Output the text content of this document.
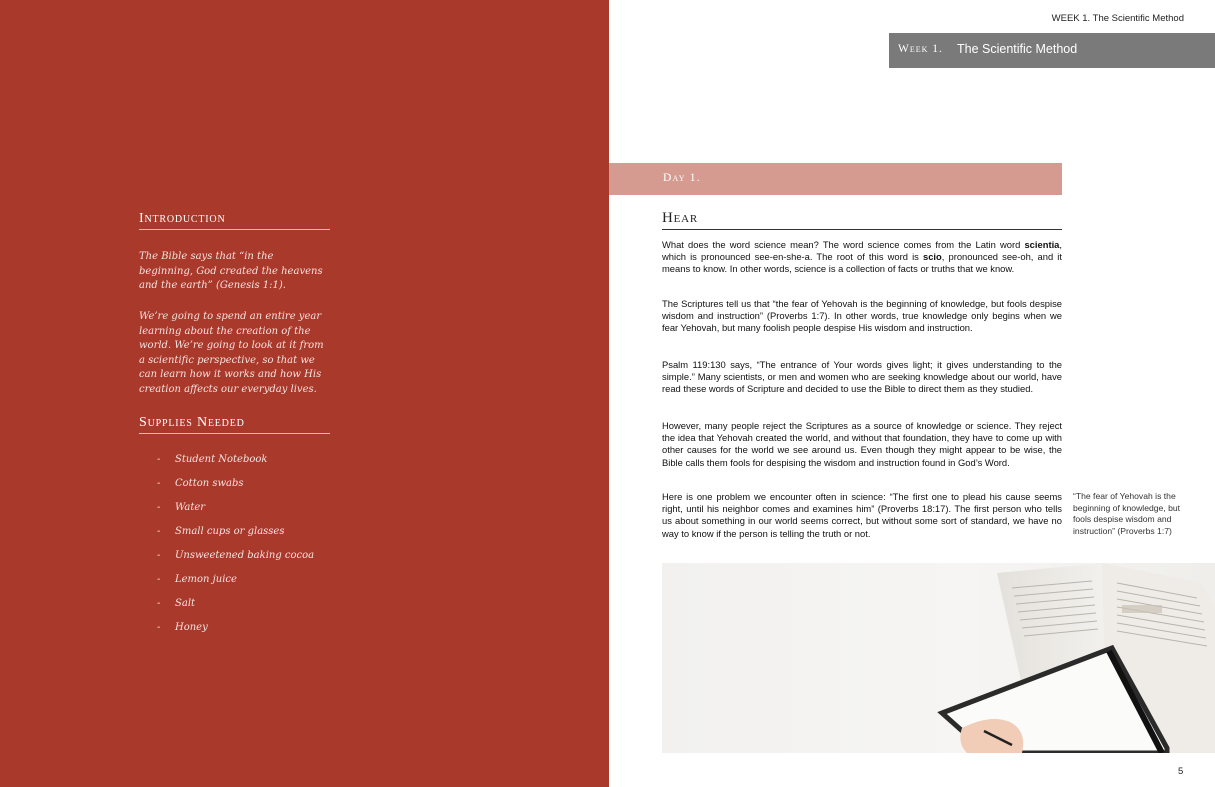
Introduction

The Bible says that “in the beginning, God created the heavens and the earth” (Genesis 1:1).

We’re going to spend an entire year learning about the creation of the world. We’re going to look at it from a scientific perspective, so that we can learn how it works and how His creation affects our everyday lives.

Supplies Needed
- Student Notebook
- Cotton swabs
- Water
- Small cups or glasses
- Unsweetened baking cocoa
- Lemon juice
- Salt
- Honey
WEEK 1. The Scientific Method
Week 1. The Scientific Method
Day 1.
Hear

What does the word science mean? The word science comes from the Latin word scientia, which is pronounced see-en-she-a. The root of this word is scio, pronounced see-oh, and it means to know. In other words, science is a collection of facts or truths that we know.

The Scriptures tell us that “the fear of Yehovah is the beginning of knowledge, but fools despise wisdom and instruction” (Proverbs 1:7). In other words, true knowledge only begins when we fear Yehovah, but many foolish people despise His wisdom and instruction.

Psalm 119:130 says, “The entrance of Your words gives light; it gives understanding to the simple.” Many scientists, or men and women who are seeking knowledge about our world, have read these words of Scripture and decided to use the Bible to direct them as they studied.

However, many people reject the Scriptures as a source of knowledge or science. They reject the idea that Yehovah created the world, and without that foundation, they have to come up with other causes for the world we see around us. Even though they might appear to be wise, the Bible calls them fools for despising the wisdom and instruction found in God’s Word.

Here is one problem we encounter often in science: “The first one to plead his cause seems right, until his neighbor comes and examines him” (Proverbs 18:17). The first person who tells us about something in our world seems correct, but without some sort of standard, we have no way to know if the person is telling the truth or not.

“The fear of Yehovah is the beginning of knowledge, but fools despise wisdom and instruction” (Proverbs 1:7)

5
